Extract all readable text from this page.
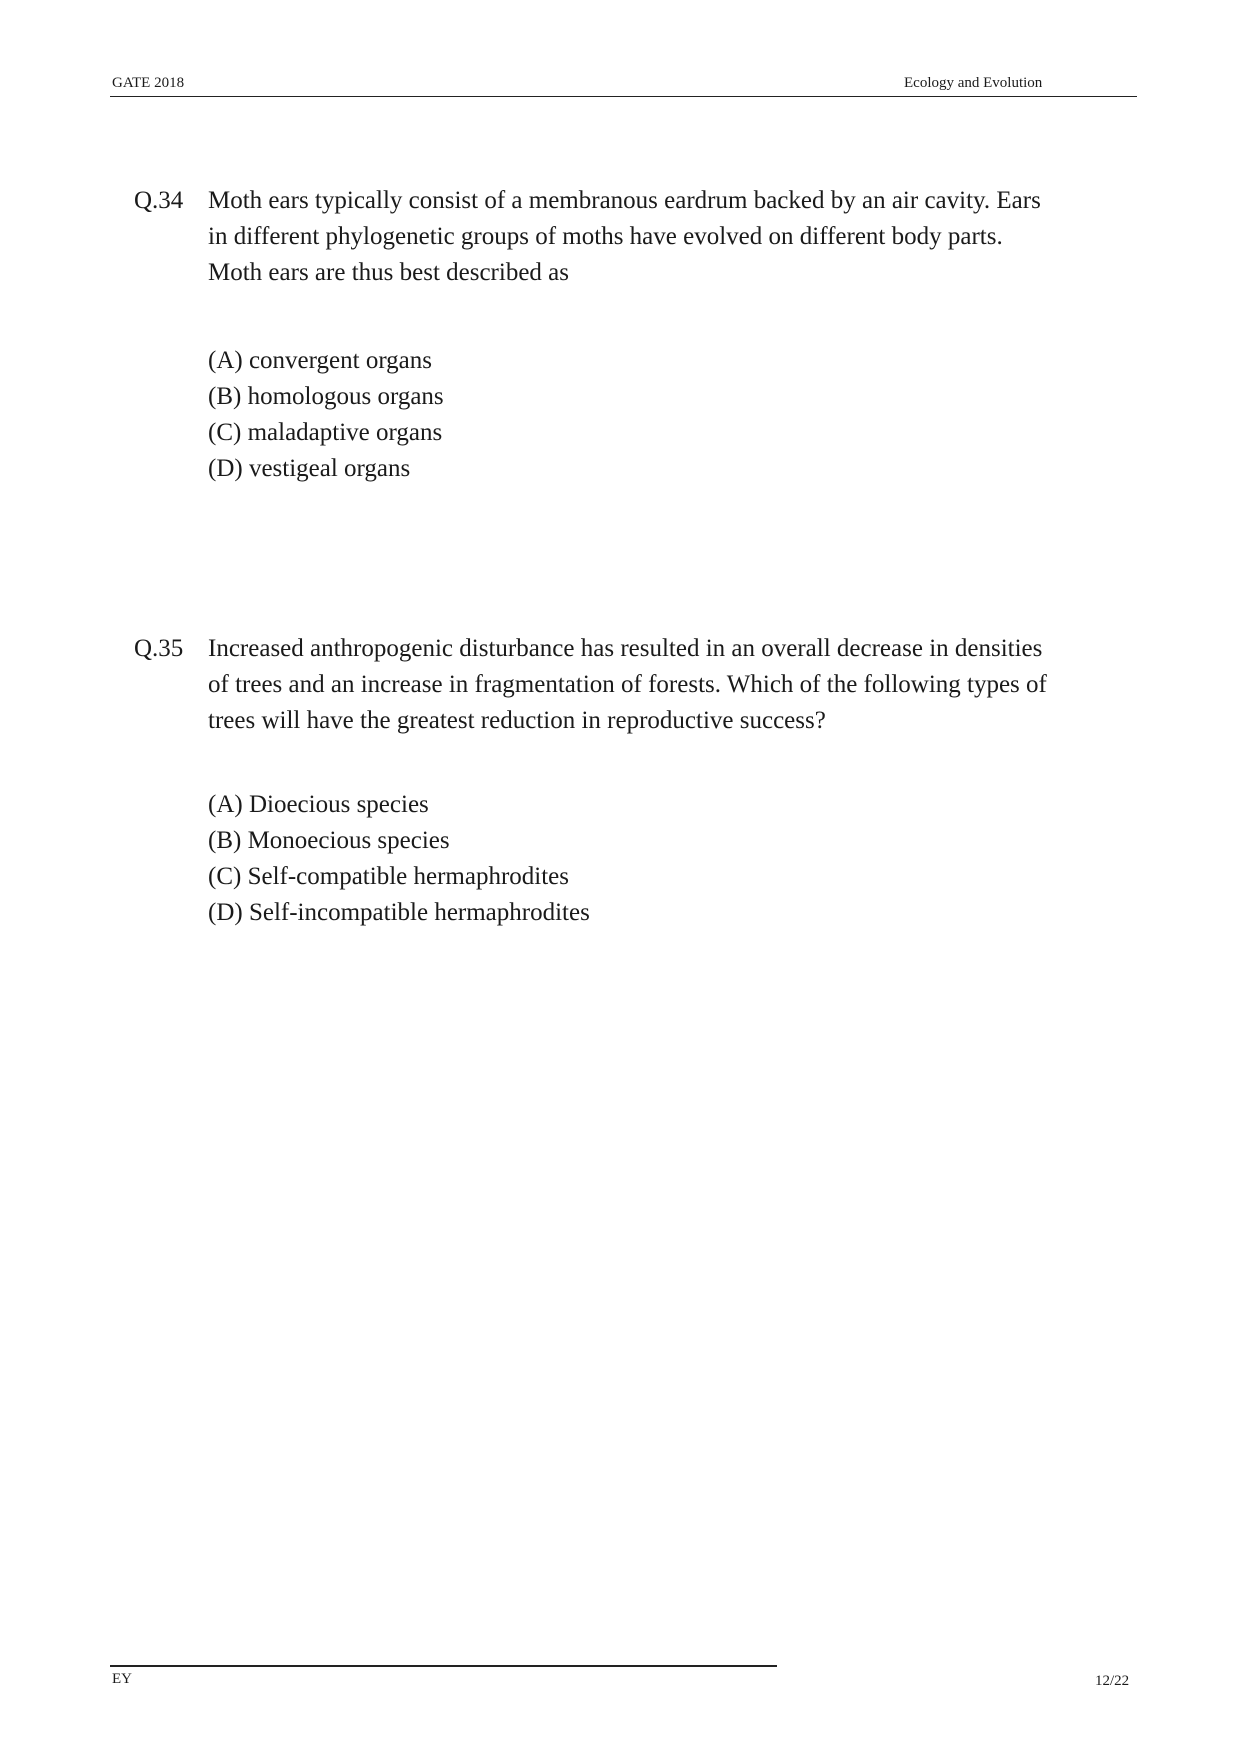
GATE 2018	Ecology and Evolution
Q.34 Moth ears typically consist of a membranous eardrum backed by an air cavity. Ears
in different phylogenetic groups of moths have evolved on different body parts.
Moth ears are thus best described as
(A) convergent organs
(B) homologous organs
(C) maladaptive organs
(D) vestigeal organs
Q.35 Increased anthropogenic disturbance has resulted in an overall decrease in densities
of trees and an increase in fragmentation of forests. Which of the following types of
trees will have the greatest reduction in reproductive success?
(A) Dioecious species
(B) Monoecious species
(C) Self-compatible hermaphrodites
(D) Self-incompatible hermaphrodites
EY	12/22
